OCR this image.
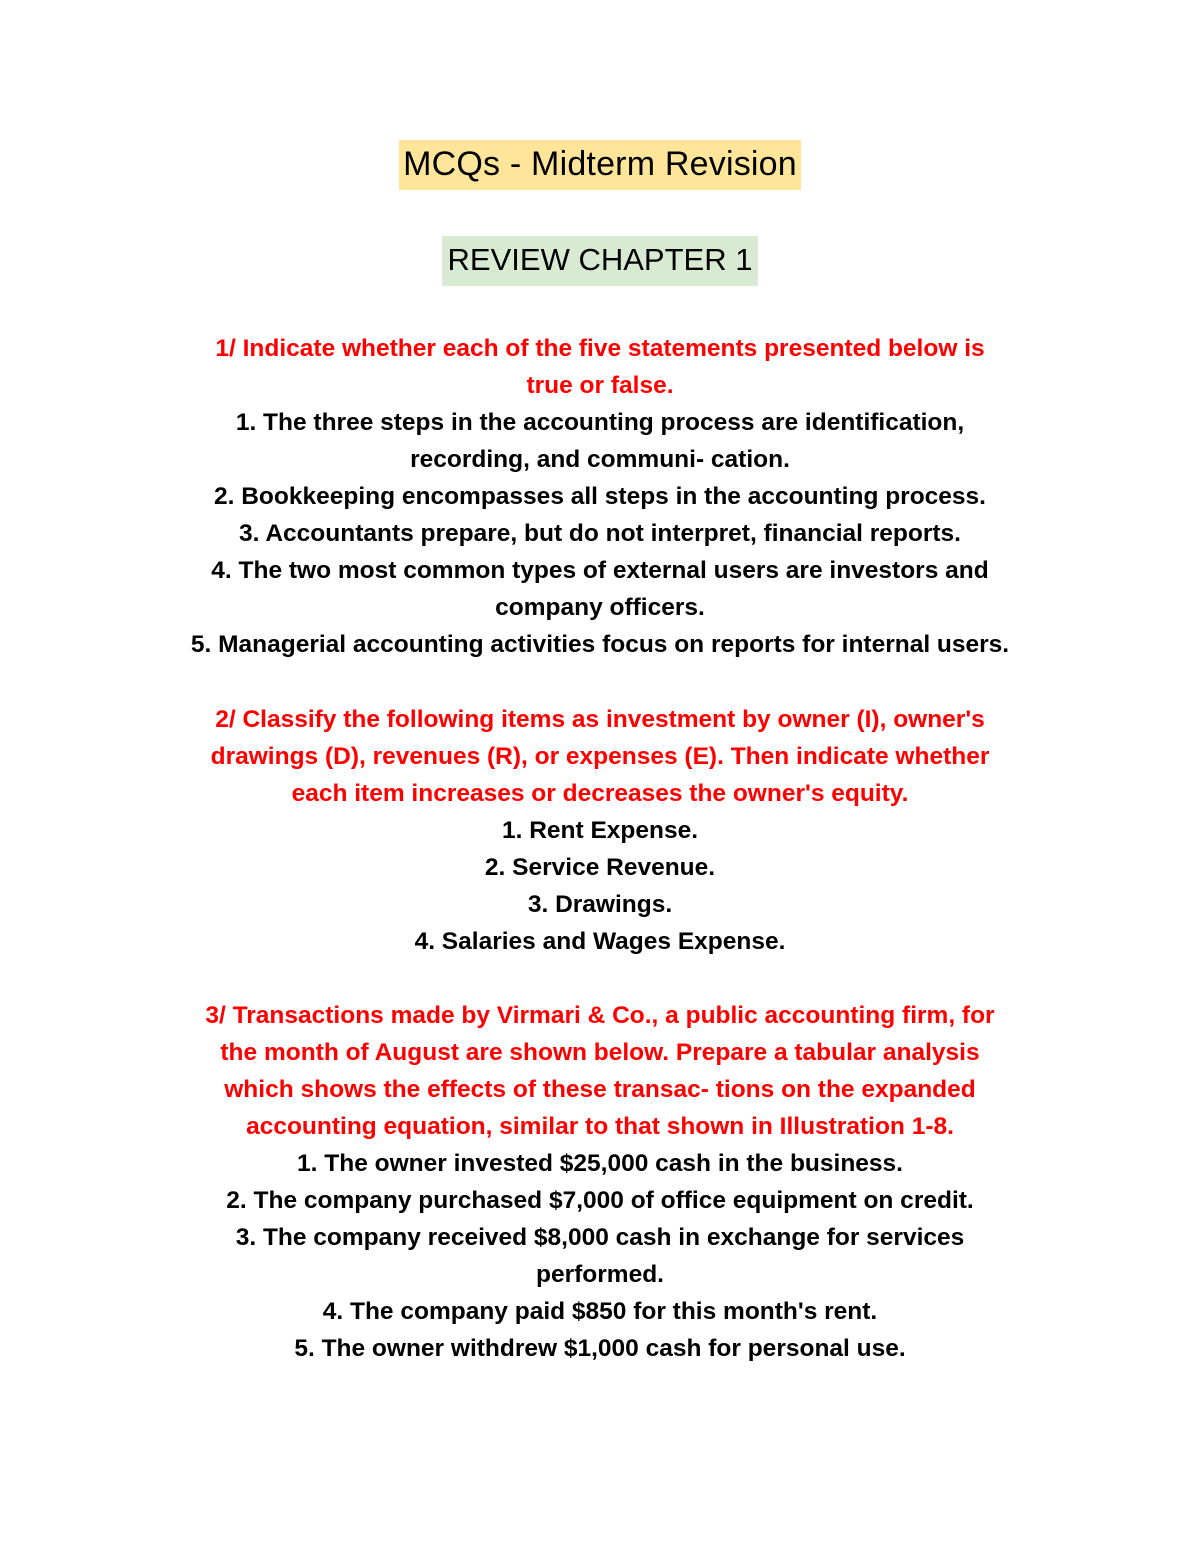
MCQs - Midterm Revision
REVIEW CHAPTER 1

1/ Indicate whether each of the five statements presented below is

true or false.

1. The three steps in the accounting process are identification,

recording, and communi- cation.

2. Bookkeeping encompasses all steps in the accounting process.

3. Accountants prepare, but do not interpret, financial reports.

4. The two most common types of external users are investors and

company officers.

5. Managerial accounting activities focus on reports for internal users.

2/ Classify the following items as investment by owner (I), owner's

drawings (D), revenues (R), or expenses (E). Then indicate whether

each item increases or decreases the owner's equity.

1. Rent Expense.

2. Service Revenue.

3. Drawings.

4. Salaries and Wages Expense.

3/ Transactions made by Virmari & Co., a public accounting firm, for

the month of August are shown below. Prepare a tabular analysis

which shows the effects of these transac- tions on the expanded

accounting equation, similar to that shown in Illustration 1-8.

1. The owner invested $25,000 cash in the business.

2. The company purchased $7,000 of office equipment on credit.

3. The company received $8,000 cash in exchange for services

performed.

4. The company paid $850 for this month's rent.

5. The owner withdrew $1,000 cash for personal use.
